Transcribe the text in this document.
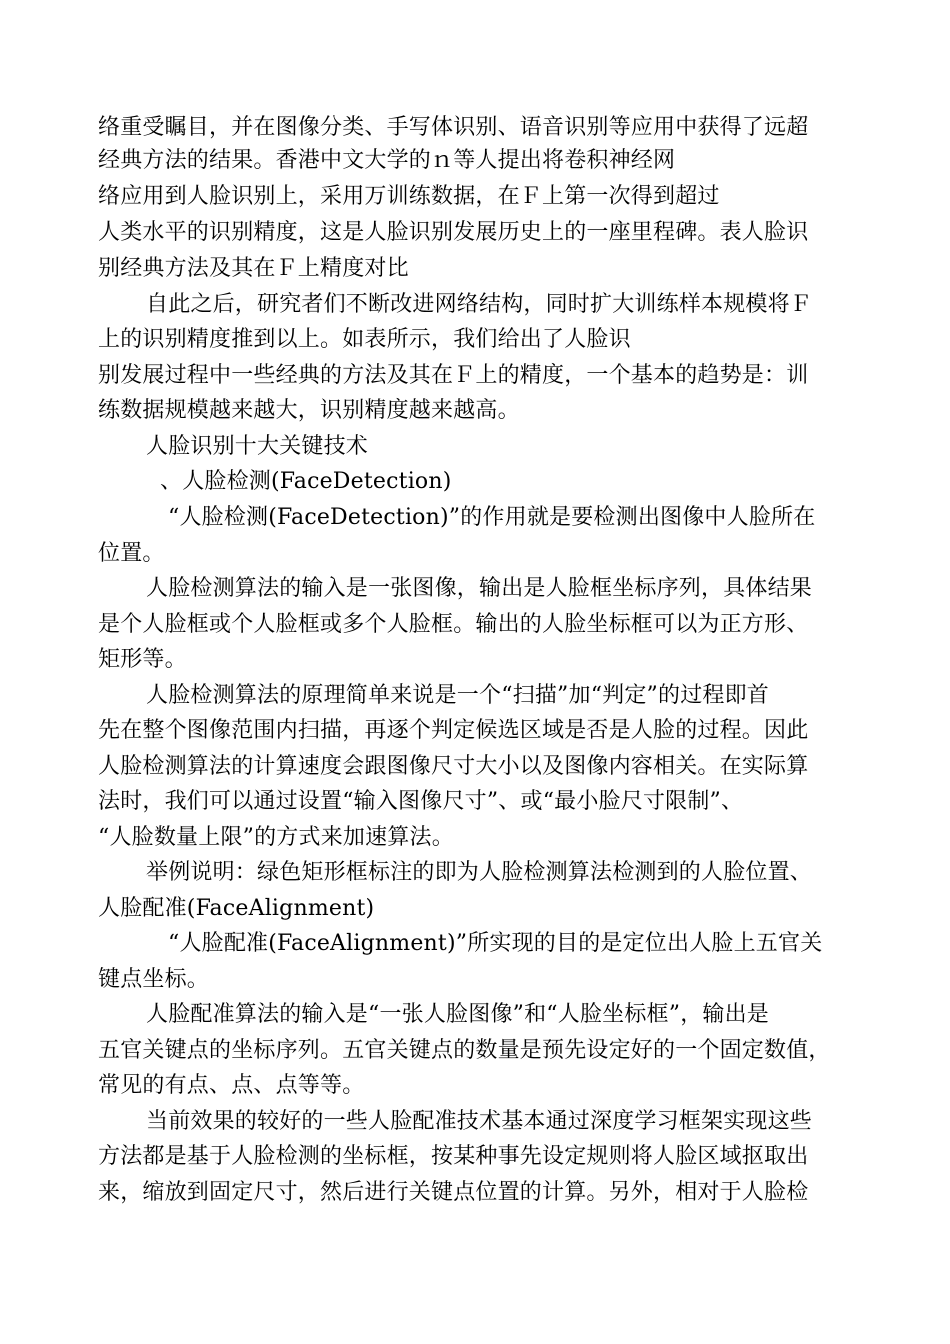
络重受瞩目，并在图像分类、手写体识别、语音识别等应用中获得了远超
经典方法的结果。香港中文大学的ｎ等人提出将卷积神经网
络应用到人脸识别上，采用万训练数据，在Ｆ上第一次得到超过
人类水平的识别精度，这是人脸识别发展历史上的一座里程碑。表人脸识
别经典方法及其在Ｆ上精度对比
自此之后，研究者们不断改进网络结构，同时扩大训练样本规模将Ｆ
上的识别精度推到以上。如表所示，我们给出了人脸识
别发展过程中一些经典的方法及其在Ｆ上的精度，一个基本的趋势是：训
练数据规模越来越大，识别精度越来越高。
人脸识别十大关键技术
、人脸检测(FaceDetection)
“人脸检测(FaceDetection)”的作用就是要检测出图像中人脸所在
位置。
人脸检测算法的输入是一张图像，输出是人脸框坐标序列，具体结果
是个人脸框或个人脸框或多个人脸框。输出的人脸坐标框可以为正方形、
矩形等。
人脸检测算法的原理简单来说是一个“扫描”加“判定”的过程即首
先在整个图像范围内扫描，再逐个判定候选区域是否是人脸的过程。因此
人脸检测算法的计算速度会跟图像尺寸大小以及图像内容相关。在实际算
法时，我们可以通过设置“输入图像尺寸”、或“最小脸尺寸限制”、
“人脸数量上限”的方式来加速算法。
举例说明：绿色矩形框标注的即为人脸检测算法检测到的人脸位置、
人脸配准(FaceAlignment)
“人脸配准(FaceAlignment)”所实现的目的是定位出人脸上五官关
键点坐标。
人脸配准算法的输入是“一张人脸图像”和“人脸坐标框”，输出是
五官关键点的坐标序列。五官关键点的数量是预先设定好的一个固定数值，
常见的有点、点、点等等。
当前效果的较好的一些人脸配准技术基本通过深度学习框架实现这些
方法都是基于人脸检测的坐标框，按某种事先设定规则将人脸区域抠取出
来，缩放到固定尺寸，然后进行关键点位置的计算。另外，相对于人脸检
